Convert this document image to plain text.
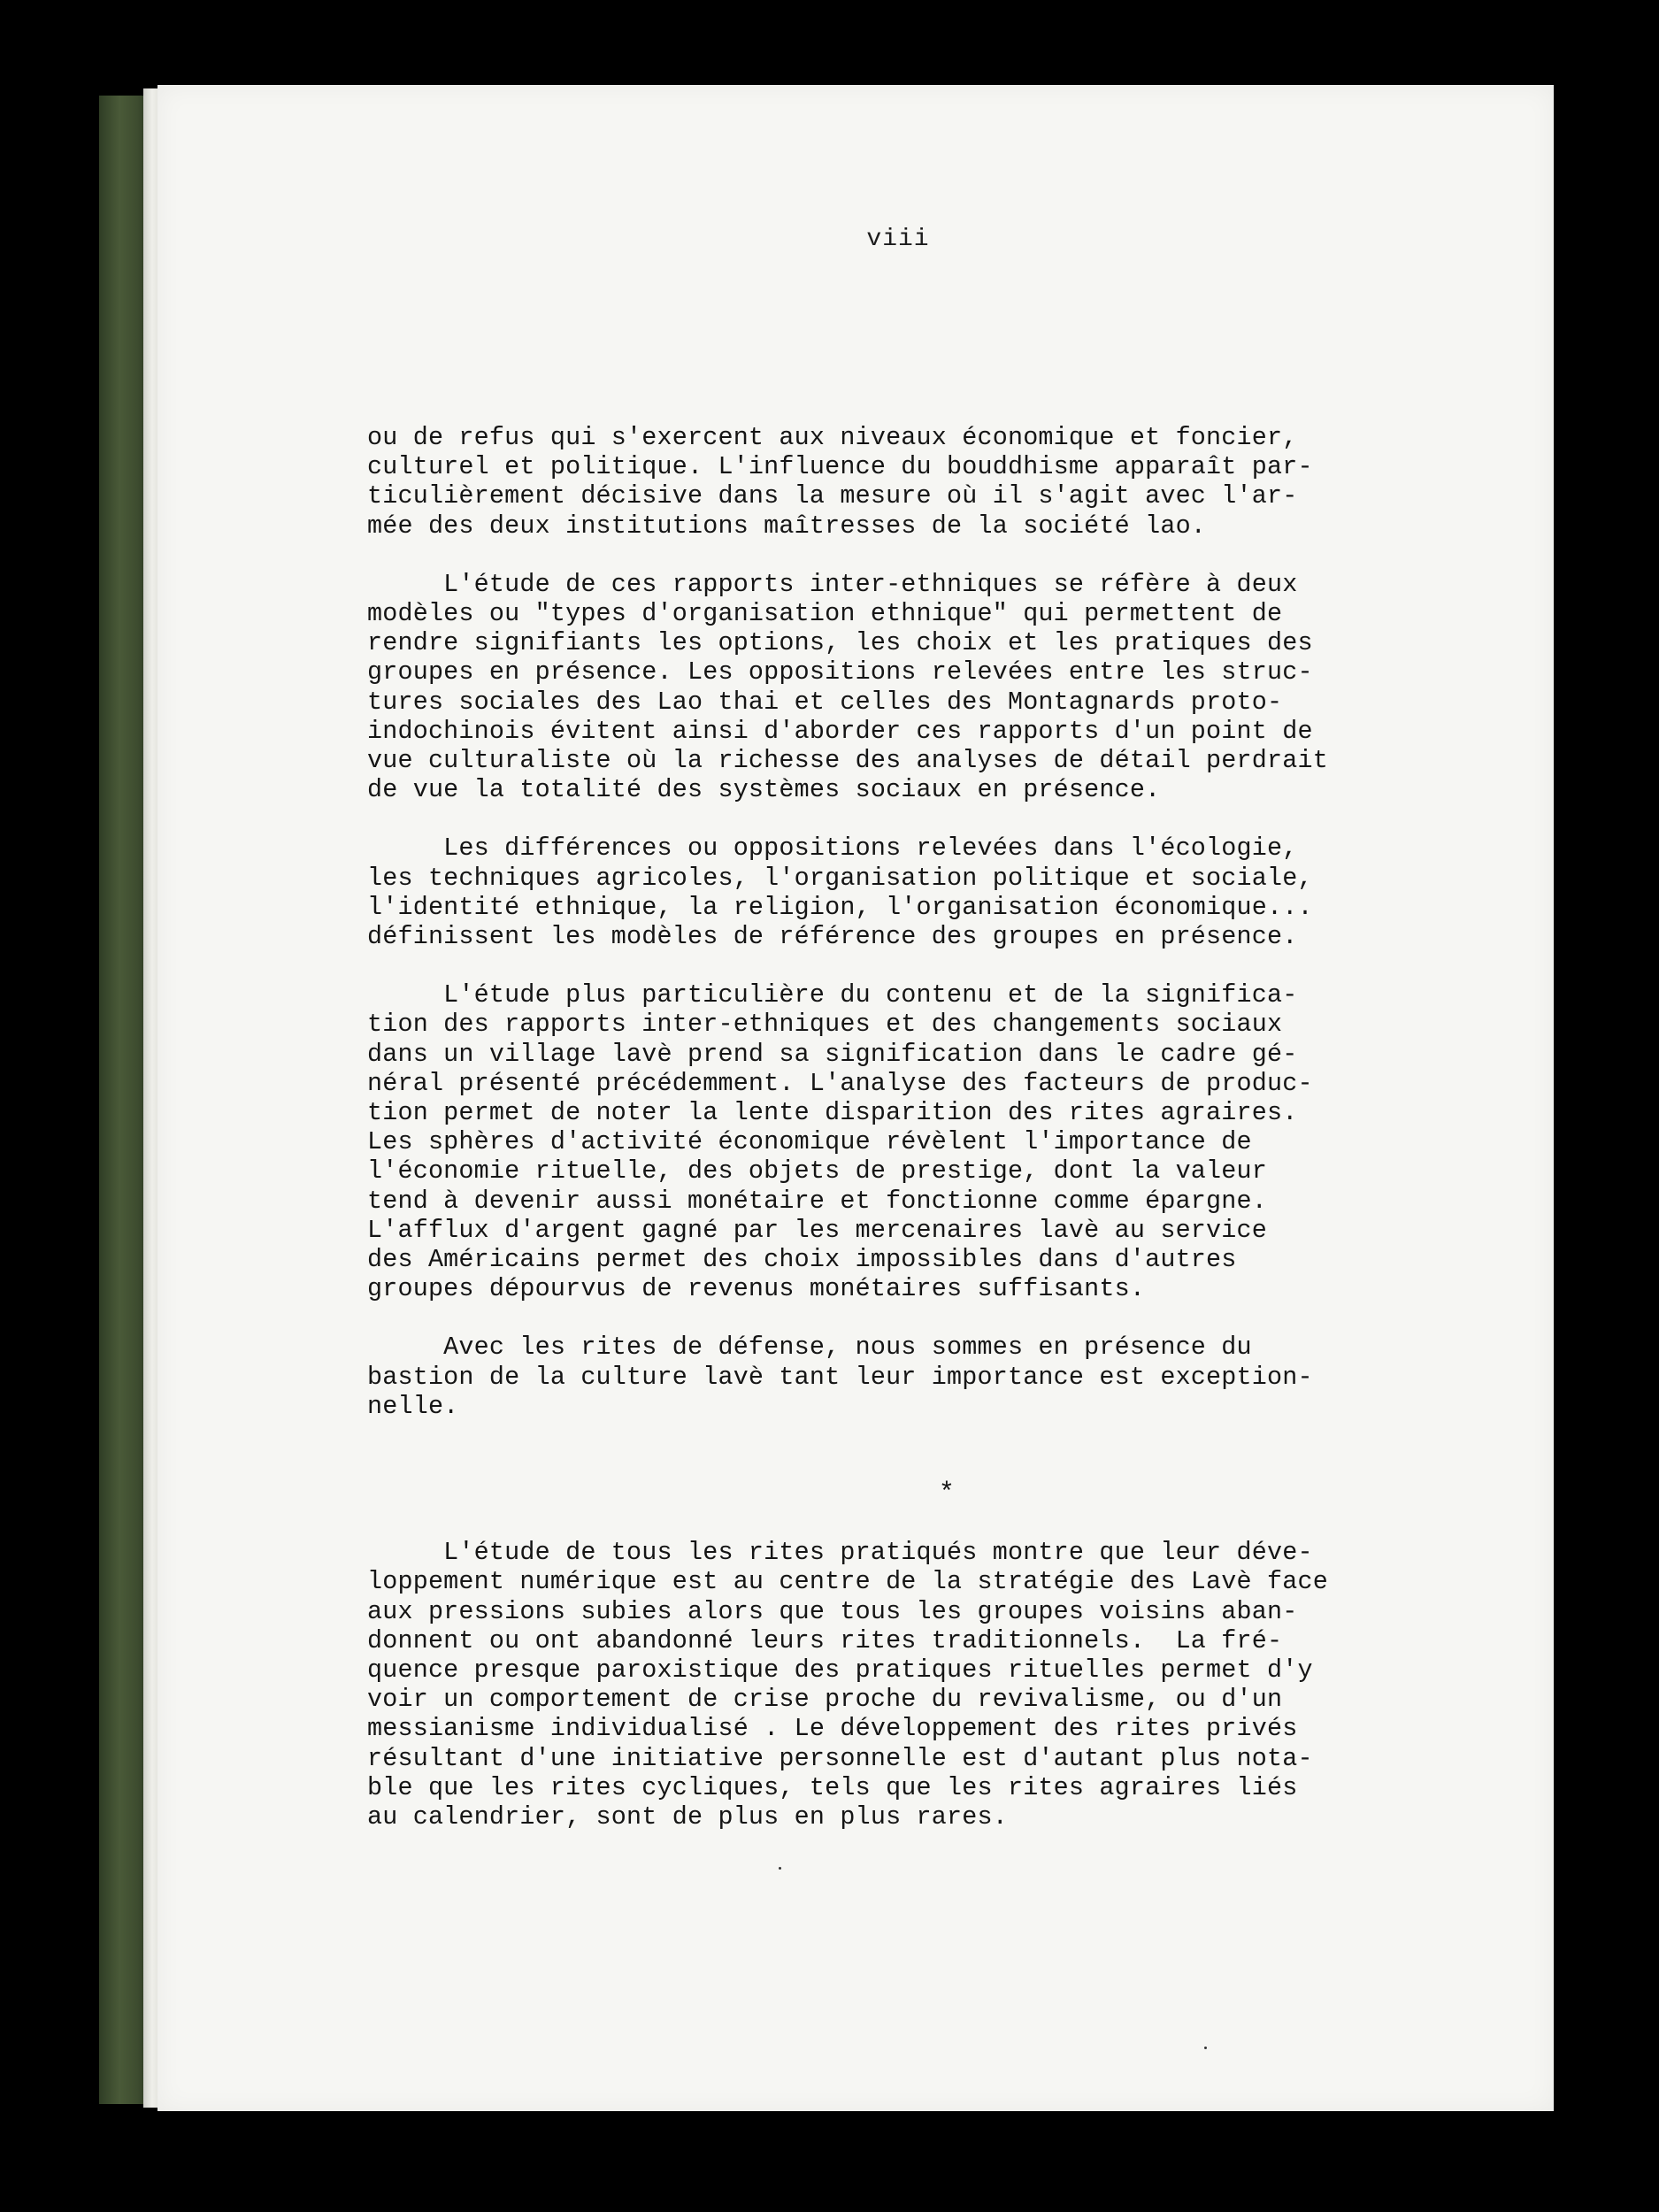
viii

ou de refus qui s'exercent aux niveaux économique et foncier,
culturel et politique. L'influence du bouddhisme apparaît par-
ticulièrement décisive dans la mesure où il s'agit avec l'ar-
mée des deux institutions maîtresses de la société lao.

L'étude de ces rapports inter-ethniques se réfère à deux
modèles ou "types d'organisation ethnique" qui permettent de
rendre signifiants les options, les choix et les pratiques des
groupes en présence. Les oppositions relevées entre les struc-
tures sociales des Lao thai et celles des Montagnards proto-
indochinois évitent ainsi d'aborder ces rapports d'un point de
vue culturaliste où la richesse des analyses de détail perdrait
de vue la totalité des systèmes sociaux en présence.

Les différences ou oppositions relevées dans l'écologie,
les techniques agricoles, l'organisation politique et sociale,
l'identité ethnique, la religion, l'organisation économique...
définissent les modèles de référence des groupes en présence.

L'étude plus particulière du contenu et de la significa-
tion des rapports inter-ethniques et des changements sociaux
dans un village lavè prend sa signification dans le cadre gé-
néral présenté précédemment. L'analyse des facteurs de produc-
tion permet de noter la lente disparition des rites agraires.
Les sphères d'activité économique révèlent l'importance de
l'économie rituelle, des objets de prestige, dont la valeur
tend à devenir aussi monétaire et fonctionne comme épargne.
L'afflux d'argent gagné par les mercenaires lavè au service
des Américains permet des choix impossibles dans d'autres
groupes dépourvus de revenus monétaires suffisants.

Avec les rites de défense, nous sommes en présence du
bastion de la culture lavè tant leur importance est exception-
nelle.

*

L'étude de tous les rites pratiqués montre que leur déve-
loppement numérique est au centre de la stratégie des Lavè face
aux pressions subies alors que tous les groupes voisins aban-
donnent ou ont abandonné leurs rites traditionnels.  La fré-
quence presque paroxistique des pratiques rituelles permet d'y
voir un comportement de crise proche du revivalisme, ou d'un
messianisme individualisé . Le développement des rites privés
résultant d'une initiative personnelle est d'autant plus nota-
ble que les rites cycliques, tels que les rites agraires liés
au calendrier, sont de plus en plus rares.
